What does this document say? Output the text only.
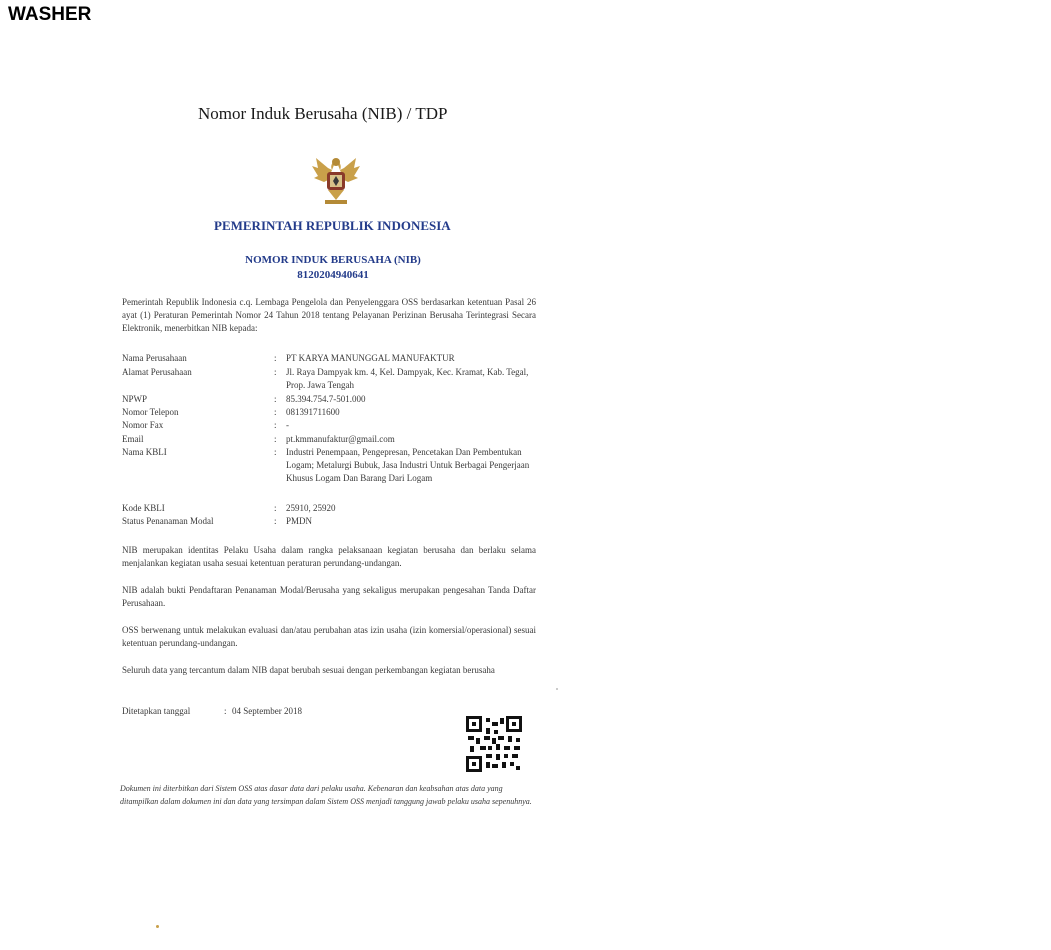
WASHER
Nomor Induk Berusaha (NIB) / TDP
PEMERINTAH REPUBLIK INDONESIA
NOMOR INDUK BERUSAHA (NIB)
8120204940641
Pemerintah Republik Indonesia c.q. Lembaga Pengelola dan Penyelenggara OSS berdasarkan ketentuan Pasal 26 ayat (1) Peraturan Pemerintah Nomor 24 Tahun 2018 tentang Pelayanan Perizinan Berusaha Terintegrasi Secara Elektronik, menerbitkan NIB kepada:
Nama Perusahaan	: PT KARYA MANUNGGAL MANUFAKTUR
Alamat Perusahaan	: Jl. Raya Dampyak km. 4, Kel. Dampyak, Kec. Kramat, Kab. Tegal, Prop. Jawa Tengah
NPWP	: 85.394.754.7-501.000
Nomor Telepon	: 081391711600
Nomor Fax	: -
Email	: pt.kmmanufaktur@gmail.com
Nama KBLI	: Industri Penempaan, Pengepresan, Pencetakan Dan Pembentukan Logam; Metalurgi Bubuk, Jasa Industri Untuk Berbagai Pengerjaan Khusus Logam Dan Barang Dari Logam
Kode KBLI	: 25910, 25920
Status Penanaman Modal	: PMDN
NIB merupakan identitas Pelaku Usaha dalam rangka pelaksanaan kegiatan berusaha dan berlaku selama menjalankan kegiatan usaha sesuai ketentuan peraturan perundang-undangan.
NIB adalah bukti Pendaftaran Penanaman Modal/Berusaha yang sekaligus merupakan pengesahan Tanda Daftar Perusahaan.
OSS berwenang untuk melakukan evaluasi dan/atau perubahan atas izin usaha (izin komersial/operasional) sesuai ketentuan perundang-undangan.
Seluruh data yang tercantum dalam NIB dapat berubah sesuai dengan perkembangan kegiatan berusaha
Ditetapkan tanggal	: 04 September 2018
Dokumen ini diterbitkan dari Sistem OSS atas dasar data dari pelaku usaha. Kebenaran dan keabsahan atas data yang ditampilkan dalam dokumen ini dan data yang tersimpan dalam Sistem OSS menjadi tanggung jawab pelaku usaha sepenuhnya.
